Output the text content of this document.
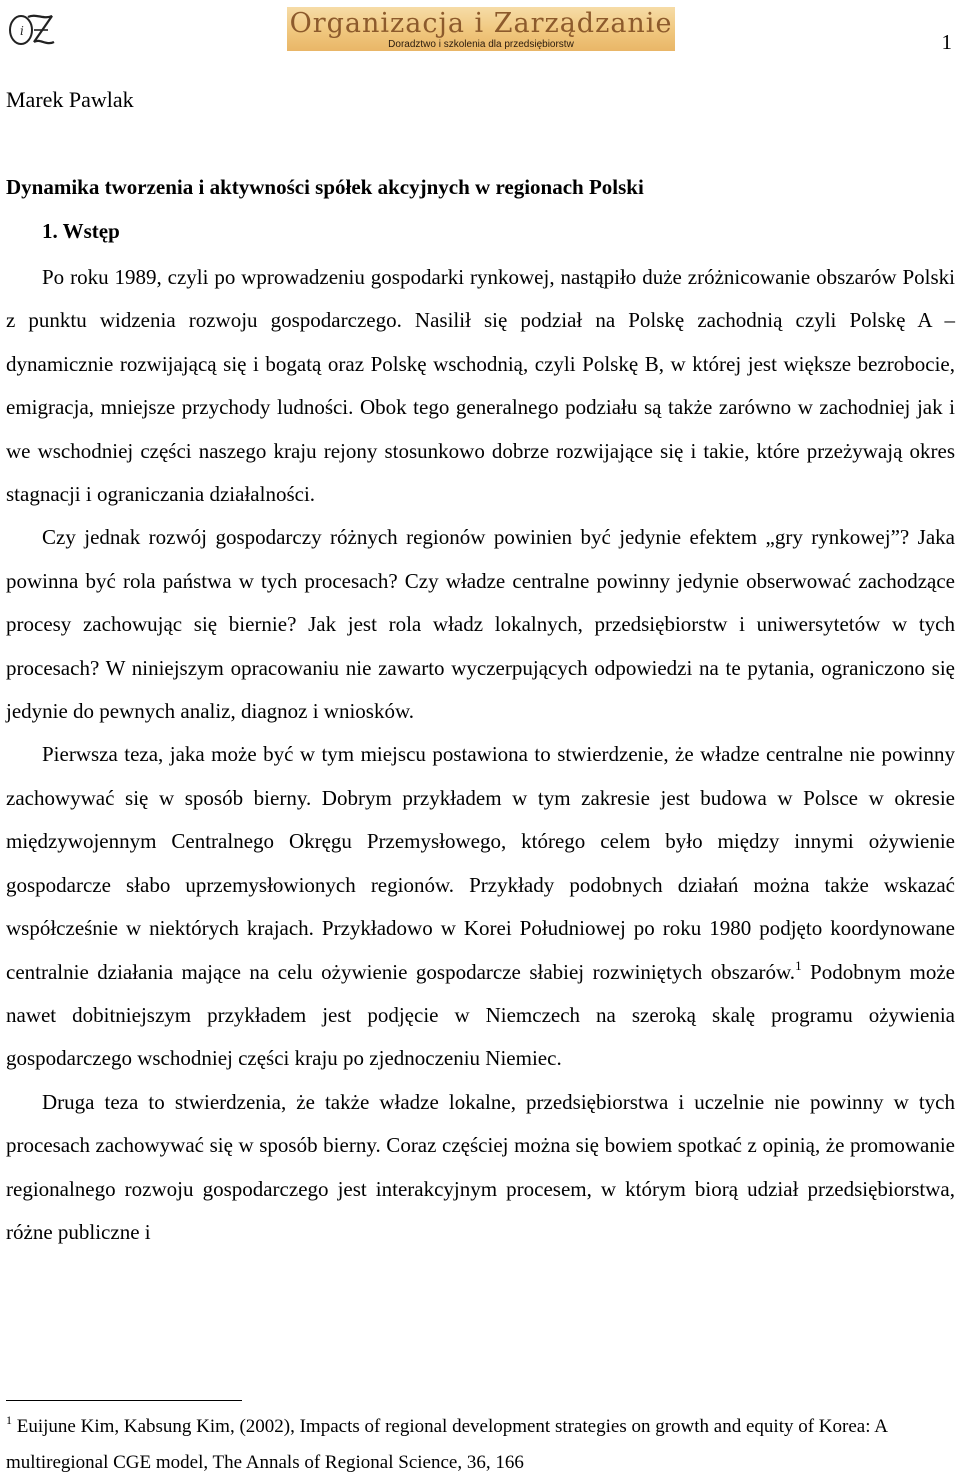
i	Organizacja i Zarządzanie
Doradztwo i szkolenia dla przedsiębiorstw	1
Marek Pawlak
Dynamika tworzenia i aktywności spółek akcyjnych w regionach Polski
1. Wstęp

Po roku 1989, czyli po wprowadzeniu gospodarki rynkowej, nastąpiło duże zróżnicowanie obszarów Polski z punktu widzenia rozwoju gospodarczego. Nasilił się podział na Polskę zachodnią czyli Polskę A – dynamicznie rozwijającą się i bogatą oraz Polskę wschodnią, czyli Polskę B, w której jest większe bezrobocie, emigracja, mniejsze przychody ludności. Obok tego generalnego podziału są także zarówno w zachodniej jak i we wschodniej części naszego kraju rejony stosunkowo dobrze rozwijające się i takie, które przeżywają okres stagnacji i ograniczania działalności.

Czy jednak rozwój gospodarczy różnych regionów powinien być jedynie efektem „gry rynkowej”? Jaka powinna być rola państwa w tych procesach? Czy władze centralne powinny jedynie obserwować zachodzące procesy zachowując się biernie? Jak jest rola władz lokalnych, przedsiębiorstw i uniwersytetów w tych procesach? W niniejszym opracowaniu nie zawarto wyczerpujących odpowiedzi na te pytania, ograniczono się jedynie do pewnych analiz, diagnoz i wniosków.

Pierwsza teza, jaka może być w tym miejscu postawiona to stwierdzenie, że władze centralne nie powinny zachowywać się w sposób bierny. Dobrym przykładem w tym zakresie jest budowa w Polsce w okresie międzywojennym Centralnego Okręgu Przemysłowego, którego celem było między innymi ożywienie gospodarcze słabo uprzemysłowionych regionów. Przykłady podobnych działań można także wskazać współcześnie w niektórych krajach. Przykładowo w Korei Południowej po roku 1980 podjęto koordynowane centralnie działania mające na celu ożywienie gospodarcze słabiej rozwiniętych obszarów.$^1$ Podobnym może nawet dobitniejszym przykładem jest podjęcie w Niemczech na szeroką skalę programu ożywienia gospodarczego wschodniej części kraju po zjednoczeniu Niemiec.

Druga teza to stwierdzenia, że także władze lokalne, przedsiębiorstwa i uczelnie nie powinny w tych procesach zachowywać się w sposób bierny. Coraz częściej można się bowiem spotkać z opinią, że promowanie regionalnego rozwoju gospodarczego jest interakcyjnym procesem, w którym biorą udział przedsiębiorstwa, różne publiczne i

$^1$ Euijune Kim, Kabsung Kim, (2002), Impacts of regional development strategies on growth and equity of Korea: A multiregional CGE model, The Annals of Regional Science, 36, 166
